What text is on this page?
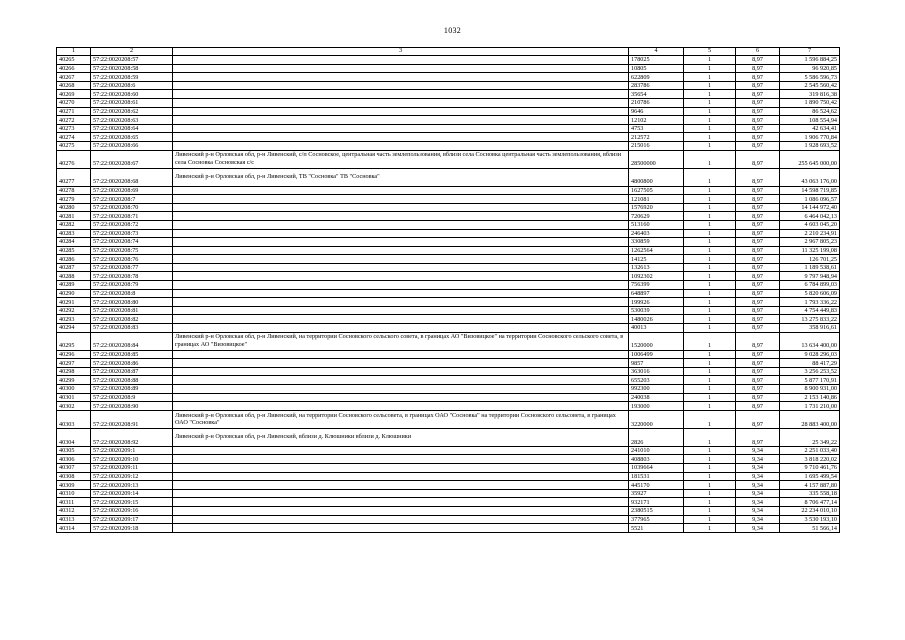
1032
1	2	3	4	5	6	7
40265	57:22:0020208:57		178025	1	8,97	1 596 884,25
40266	57:22:0020208:58		10805	1	8,97	96 920,85
40267	57:22:0020208:59		622809	1	8,97	5 586 596,73
40268	57:22:0020208:6		283786	1	8,97	2 545 560,42
40269	57:22:0020208:60		35654	1	8,97	319 816,38
40270	57:22:0020208:61		210786	1	8,97	1 890 750,42
40271	57:22:0020208:62		9646	1	8,97	86 524,62
40272	57:22:0020208:63		12102	1	8,97	108 554,94
40273	57:22:0020208:64		4753	1	8,97	42 634,41
40274	57:22:0020208:65		212572	1	8,97	1 906 770,84
40275	57:22:0020208:66		215016	1	8,97	1 928 693,52
40276	57:22:0020208:67	Ливенский р-н Орловская обл, р-н Ливенский, с/п Сосновское, центральная часть землепользования, вблизи села Сосновка центральная часть землепользования, вблизи села Сосновка Сосновская с/с	28500000	1	8,97	255 645 000,00
40277	57:22:0020208:68	Ливенский р-н Орловская обл, р-н Ливенский, ТВ "Сосновка" ТВ "Сосновка"	4800800	1	8,97	43 063 176,00
40278	57:22:0020208:69		1627505	1	8,97	14 598 719,85
40279	57:22:0020208:7		121081	1	8,97	1 086 096,57
40280	57:22:0020208:70		1576920	1	8,97	14 144 972,40
40281	57:22:0020208:71		720629	1	8,97	6 464 042,13
40282	57:22:0020208:72		513160	1	8,97	4 603 045,20
40283	57:22:0020208:73		246403	1	8,97	2 210 234,91
40284	57:22:0020208:74		330859	1	8,97	2 967 805,23
40285	57:22:0020208:75		1262564	1	8,97	11 325 199,08
40286	57:22:0020208:76		14125	1	8,97	126 701,25
40287	57:22:0020208:77		132613	1	8,97	1 189 538,61
40288	57:22:0020208:78		1092302	1	8,97	9 797 948,94
40289	57:22:0020208:79		756399	1	8,97	6 784 899,03
40290	57:22:0020208:8		648897	1	8,97	5 820 606,09
40291	57:22:0020208:80		199926	1	8,97	1 793 336,22
40292	57:22:0020208:81		530039	1	8,97	4 754 449,83
40293	57:22:0020208:82		1480026	1	8,97	13 275 833,22
40294	57:22:0020208:83		40013	1	8,97	358 916,61
40295	57:22:0020208:84	Ливенский р-н Орловская обл, р-н Ливенский, на территории Сосновского сельского совета, в границах АО "Визовицкое" на территории Сосновского сельского совета, в границах АО "Визовицкое"	1520000	1	8,97	13 634 400,00
40296	57:22:0020208:85		1006499	1	8,97	9 028 296,03
40297	57:22:0020208:86		9857	1	8,97	88 417,29
40298	57:22:0020208:87		363016	1	8,97	3 256 253,52
40299	57:22:0020208:88		655203	1	8,97	5 877 170,91
40300	57:22:0020208:89		992300	1	8,97	8 900 931,00
40301	57:22:0020208:9		240038	1	8,97	2 153 140,86
40302	57:22:0020208:90		193000	1	8,97	1 731 210,00
40303	57:22:0020208:91	Ливенский р-н Орловская обл, р-н Ливенский, на территории Сосновского сельсовета, в границах ОАО "Сосновка" на территории Сосновского сельсовета, в границах ОАО "Сосновка"	3220000	1	8,97	28 883 400,00
40304	57:22:0020208:92	Ливенский р-н Орловская обл, р-н Ливенский, вблизи д. Клюшники вблизи д. Клюшники	2826	1	8,97	25 349,22
40305	57:22:0020209:1		241010	1	9,34	2 251 033,40
40306	57:22:0020209:10		408803	1	9,34	3 818 220,02
40307	57:22:0020209:11		1039664	1	9,34	9 710 461,76
40308	57:22:0020209:12		181531	1	9,34	1 695 499,54
40309	57:22:0020209:13		445170	1	9,34	4 157 887,80
40310	57:22:0020209:14		35927	1	9,34	335 558,18
40311	57:22:0020209:15		932171	1	9,34	8 706 477,14
40312	57:22:0020209:16		2380515	1	9,34	22 234 010,10
40313	57:22:0020209:17		377965	1	9,34	3 530 193,10
40314	57:22:0020209:18		5521	1	9,34	51 566,14
